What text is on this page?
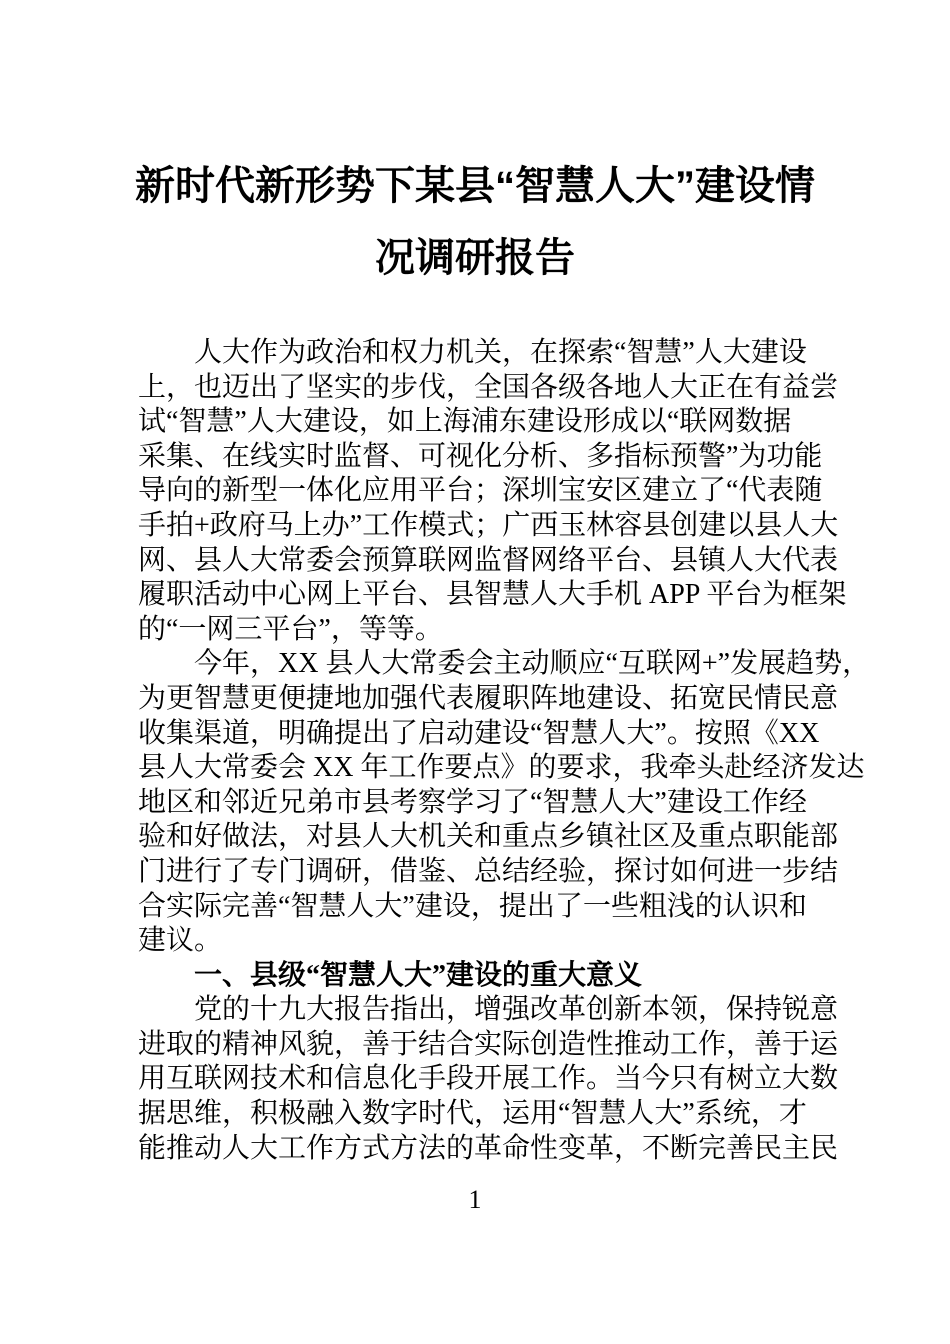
新时代新形势下某县“智慧人大”建设情
况调研报告
人大作为政治和权力机关，在探索“智慧”人大建设
上，也迈出了坚实的步伐，全国各级各地人大正在有益尝
试“智慧”人大建设，如上海浦东建设形成以“联网数据
采集、在线实时监督、可视化分析、多指标预警”为功能
导向的新型一体化应用平台；深圳宝安区建立了“代表随
手拍+政府马上办”工作模式；广西玉林容县创建以县人大
网、县人大常委会预算联网监督网络平台、县镇人大代表
履职活动中心网上平台、县智慧人大手机 APP 平台为框架
的“一网三平台”，等等。
今年，XX 县人大常委会主动顺应“互联网+”发展趋势，
为更智慧更便捷地加强代表履职阵地建设、拓宽民情民意
收集渠道，明确提出了启动建设“智慧人大”。按照《XX
县人大常委会 XX 年工作要点》的要求，我牵头赴经济发达
地区和邻近兄弟市县考察学习了“智慧人大”建设工作经
验和好做法，对县人大机关和重点乡镇社区及重点职能部
门进行了专门调研，借鉴、总结经验，探讨如何进一步结
合实际完善“智慧人大”建设，提出了一些粗浅的认识和
建议。
一、县级“智慧人大”建设的重大意义
党的十九大报告指出，增强改革创新本领，保持锐意
进取的精神风貌，善于结合实际创造性推动工作，善于运
用互联网技术和信息化手段开展工作。当今只有树立大数
据思维，积极融入数字时代，运用“智慧人大”系统，才
能推动人大工作方式方法的革命性变革，不断完善民主民
1
